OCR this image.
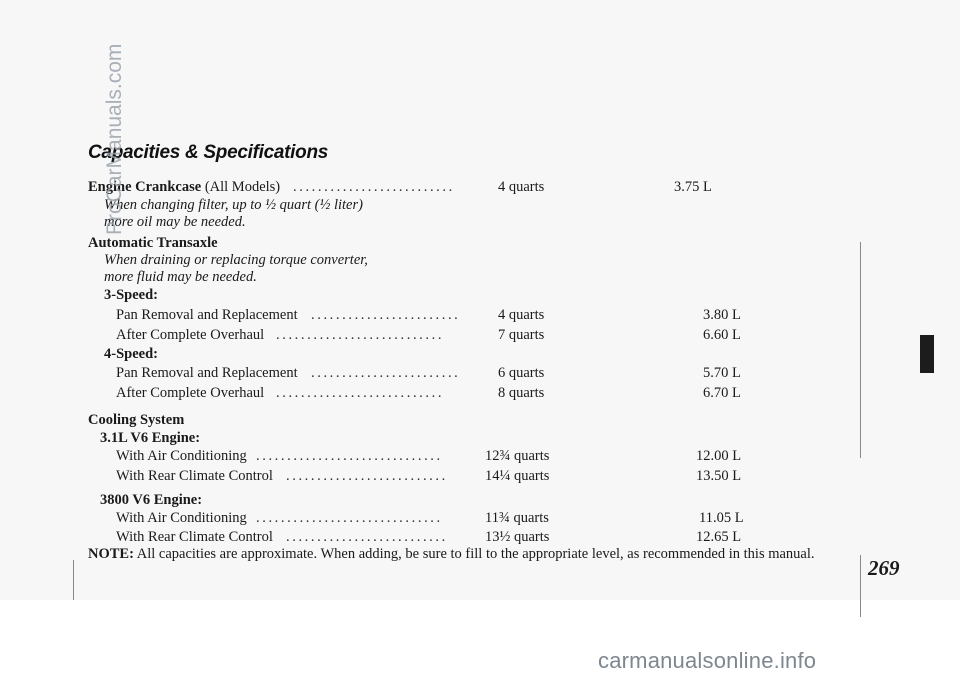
Capacities & Specifications
Engine Crankcase (All Models) ..........................	4 quarts	3.75 L
When changing filter, up to ½ quart (½ liter)
more oil may be needed.
Automatic Transaxle
When draining or replacing torque converter,
more fluid may be needed.
3-Speed:
Pan Removal and Replacement ........................	4 quarts	3.80 L
After Complete Overhaul ...........................	7 quarts	6.60 L
4-Speed:
Pan Removal and Replacement ........................	6 quarts	5.70 L
After Complete Overhaul ...........................	8 quarts	6.70 L
Cooling System
3.1L V6 Engine:
With Air Conditioning ..............................	12¾ quarts	12.00 L
With Rear Climate Control ..........................	14¼ quarts	13.50 L
3800 V6 Engine:
With Air Conditioning ..............................	11¾ quarts	11.05 L
With Rear Climate Control ..........................	13½ quarts	12.65 L
NOTE: All capacities are approximate. When adding, be sure to fill to the appropriate level, as recommended in this manual.
269
ProCarManuals.com
carmanualsonline.info
